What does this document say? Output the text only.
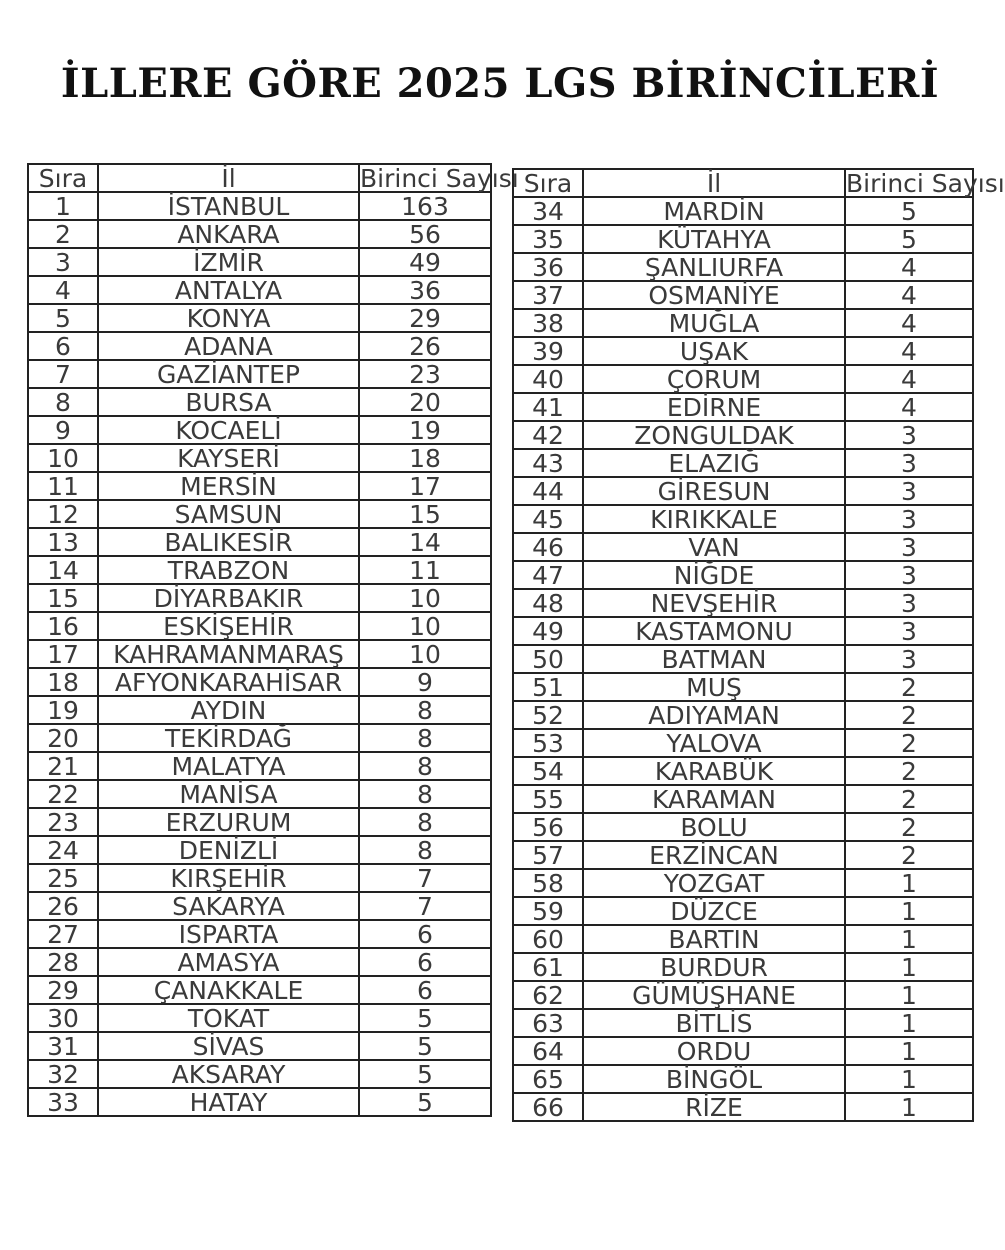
İLLERE GÖRE 2025 LGS BİRİNCİLERİ
Sıra	İl	Birinci Sayısı
1	İSTANBUL	163
2	ANKARA	56
3	İZMİR	49
4	ANTALYA	36
5	KONYA	29
6	ADANA	26
7	GAZİANTEP	23
8	BURSA	20
9	KOCAELİ	19
10	KAYSERİ	18
11	MERSİN	17
12	SAMSUN	15
13	BALIKESİR	14
14	TRABZON	11
15	DİYARBAKIR	10
16	ESKİŞEHİR	10
17	KAHRAMANMARAŞ	10
18	AFYONKARAHİSAR	9
19	AYDIN	8
20	TEKİRDAĞ	8
21	MALATYA	8
22	MANİSA	8
23	ERZURUM	8
24	DENİZLİ	8
25	KIRŞEHİR	7
26	SAKARYA	7
27	ISPARTA	6
28	AMASYA	6
29	ÇANAKKALE	6
30	TOKAT	5
31	SİVAS	5
32	AKSARAY	5
33	HATAY	5
Sıra	İl	Birinci Sayısı
34	MARDİN	5
35	KÜTAHYA	5
36	ŞANLIURFA	4
37	OSMANİYE	4
38	MUĞLA	4
39	UŞAK	4
40	ÇORUM	4
41	EDİRNE	4
42	ZONGULDAK	3
43	ELAZIĞ	3
44	GİRESUN	3
45	KIRIKKALE	3
46	VAN	3
47	NİĞDE	3
48	NEVŞEHİR	3
49	KASTAMONU	3
50	BATMAN	3
51	MUŞ	2
52	ADIYAMAN	2
53	YALOVA	2
54	KARABÜK	2
55	KARAMAN	2
56	BOLU	2
57	ERZİNCAN	2
58	YOZGAT	1
59	DÜZCE	1
60	BARTIN	1
61	BURDUR	1
62	GÜMÜŞHANE	1
63	BİTLİS	1
64	ORDU	1
65	BİNGÖL	1
66	RİZE	1
